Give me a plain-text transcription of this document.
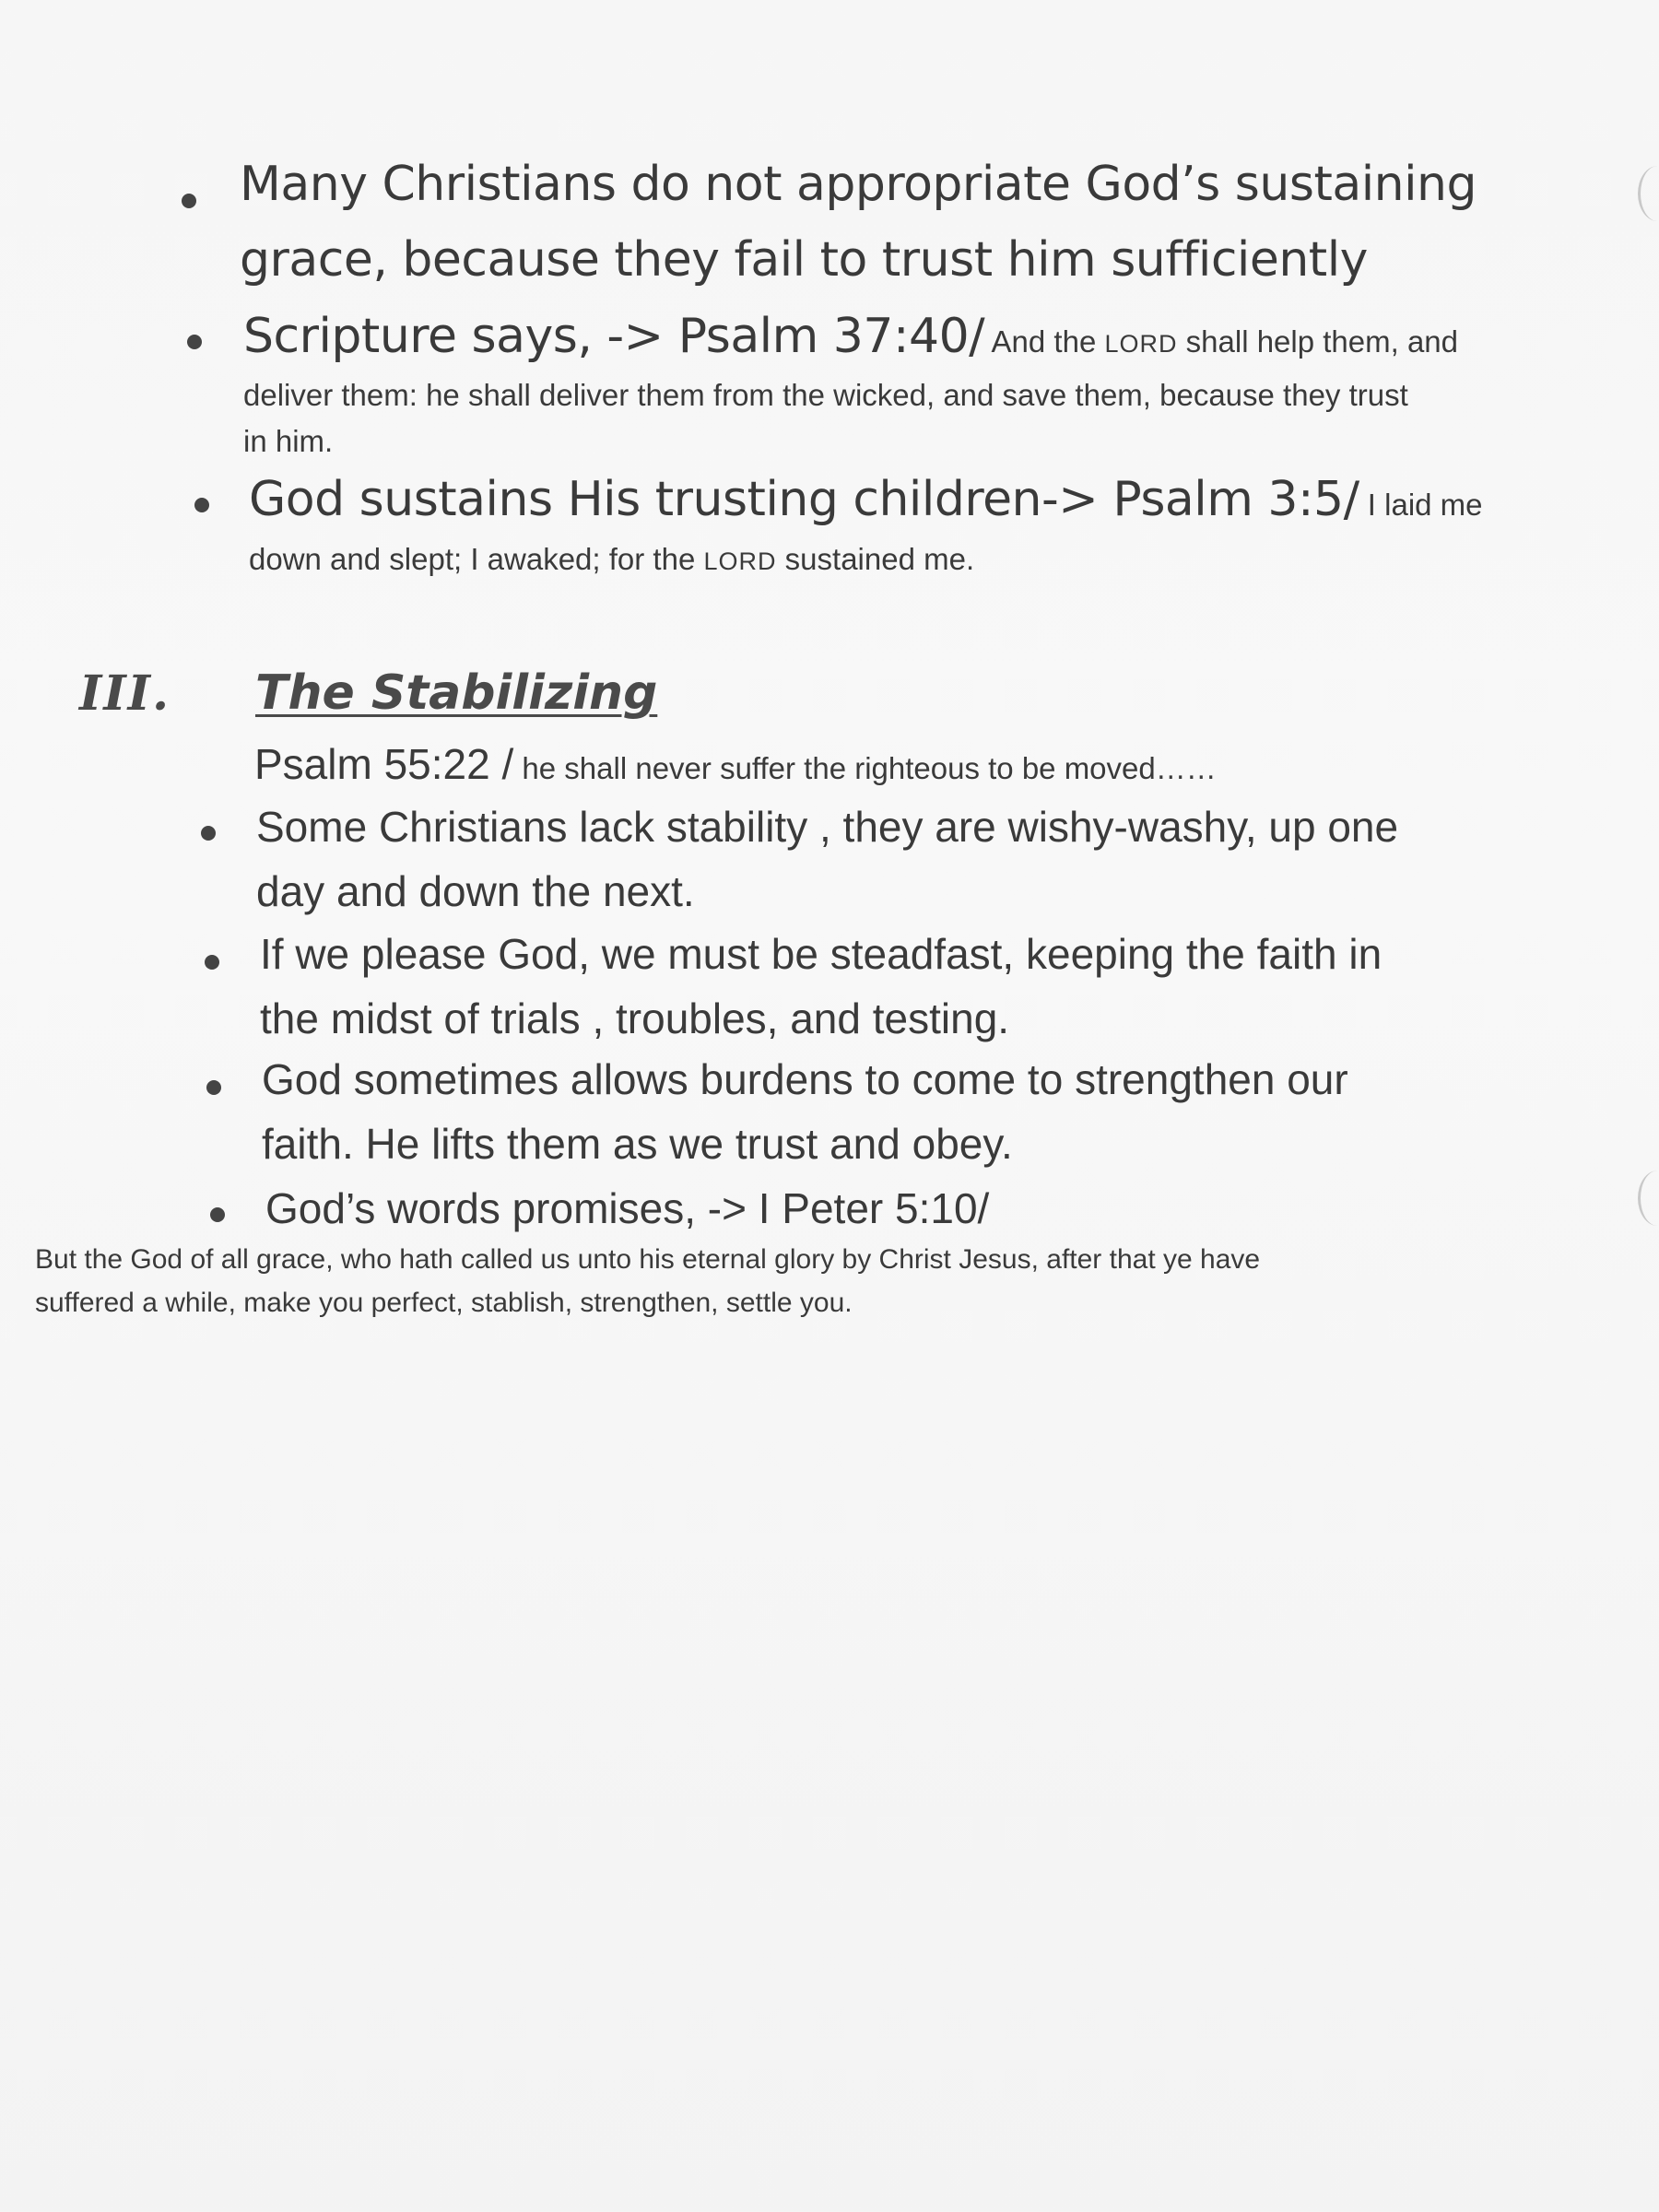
Many Christians do not appropriate God’s sustaining
grace, because they fail to trust him sufficiently
Scripture says, -> Psalm 37:40/ And the LORD shall help them, and
deliver them: he shall deliver them from the wicked, and save them, because they trust
in him.
God sustains His trusting children-> Psalm 3:5/ I laid me
down and slept; I awaked; for the LORD sustained me.
III. The Stabilizing
Psalm 55:22 / he shall never suffer the righteous to be moved……
Some Christians lack stability , they are wishy-washy, up one
day and down the next.
If we please God, we must be steadfast, keeping the faith in
the midst of trials , troubles, and testing.
God sometimes allows burdens to come to strengthen our
faith. He lifts them as we trust and obey.
God’s words promises, -> I Peter 5:10/
But the God of all grace, who hath called us unto his eternal glory by Christ Jesus, after that ye have
suffered a while, make you perfect, stablish, strengthen, settle you.
